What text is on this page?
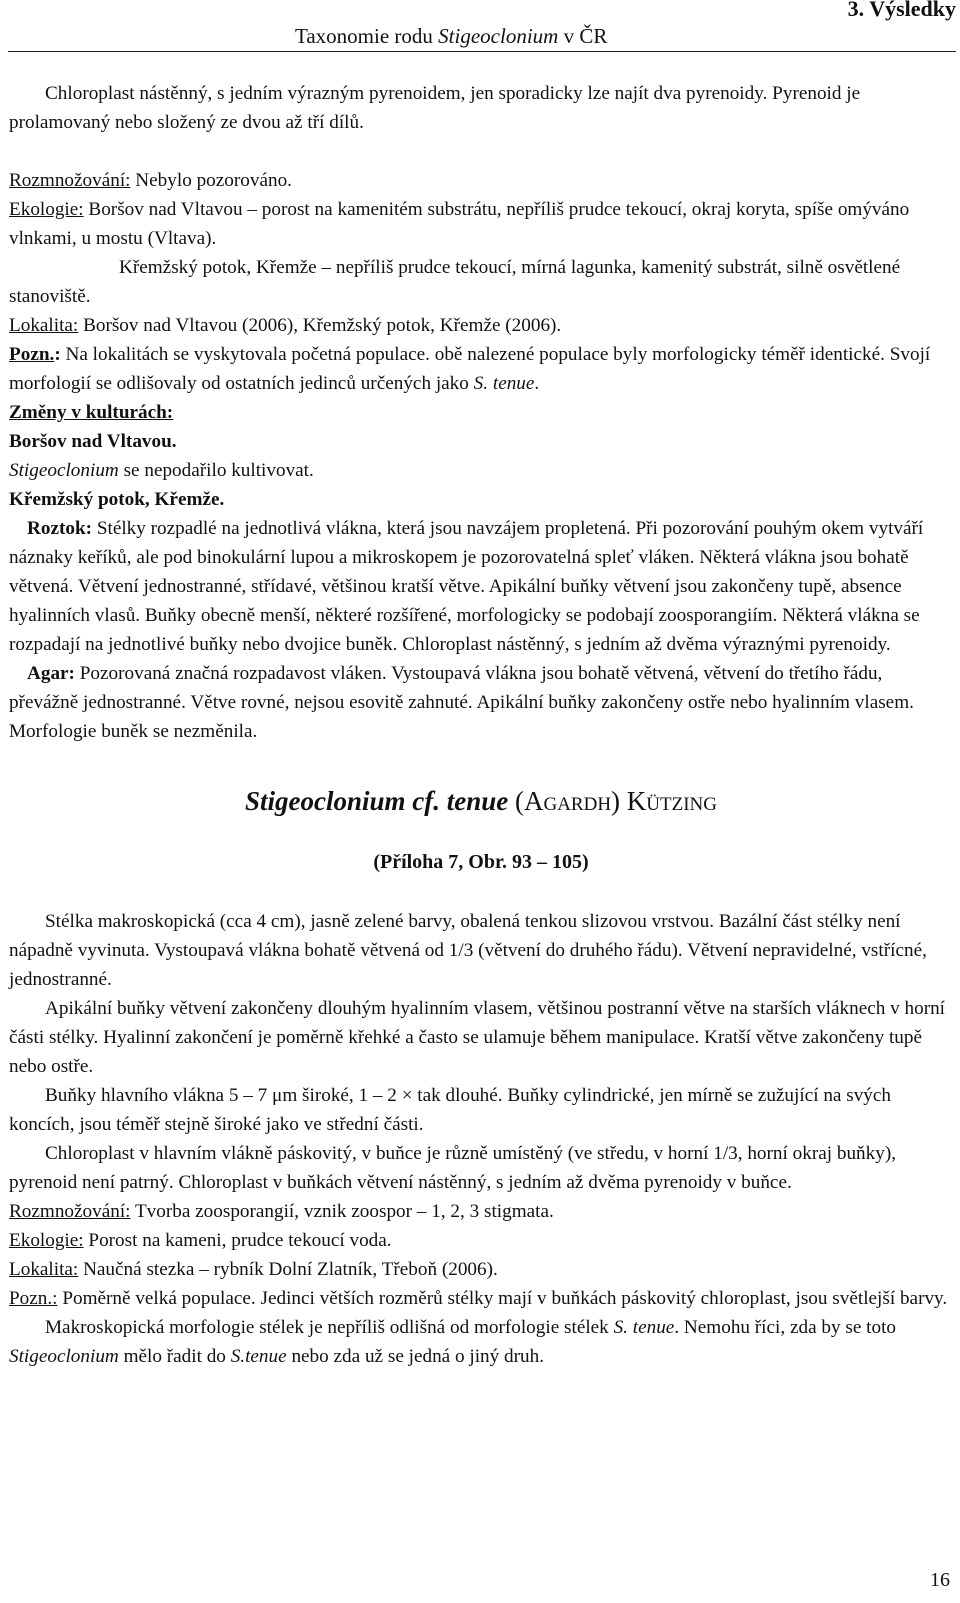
Taxonomie rodu Stigeoclonium v ČR
3. Výsledky

Chloroplast nástěnný, s jedním výrazným pyrenoidem, jen sporadicky lze najít dva pyrenoidy. Pyrenoid je prolamovaný nebo složený ze dvou až tří dílů.

Rozmnožování: Nebylo pozorováno.

Ekologie: Boršov nad Vltavou – porost na kamenitém substrátu, nepříliš prudce tekoucí, okraj koryta, spíše omýváno vlnkami, u mostu (Vltava).

Křemžský potok, Křemže – nepříliš prudce tekoucí, mírná lagunka, kamenitý substrát, silně osvětlené stanoviště.

Lokalita: Boršov nad Vltavou (2006), Křemžský potok, Křemže (2006).

Pozn.: Na lokalitách se vyskytovala početná populace. obě nalezené populace byly morfologicky téměř identické. Svojí morfologií se odlišovaly od ostatních jedinců určených jako S. tenue.

Změny v kulturách:

Boršov nad Vltavou.

Stigeoclonium se nepodařilo kultivovat.

Křemžský potok, Křemže.

Roztok: Stélky rozpadlé na jednotlivá vlákna, která jsou navzájem propletená. Při pozorování pouhým okem vytváří náznaky keříků, ale pod binokulární lupou a mikroskopem je pozorovatelná spleť vláken. Některá vlákna jsou bohatě větvená. Větvení jednostranné, střídavé, většinou kratší větve. Apikální buňky větvení jsou zakončeny tupě, absence hyalinních vlasů. Buňky obecně menší, některé rozšířené, morfologicky se podobají zoosporangiím. Některá vlákna se rozpadají na jednotlivé buňky nebo dvojice buněk. Chloroplast nástěnný, s jedním až dvěma výraznými pyrenoidy.

Agar: Pozorovaná značná rozpadavost vláken. Vystoupavá vlákna jsou bohatě větvená, větvení do třetího řádu, převážně jednostranné. Větve rovné, nejsou esovitě zahnuté. Apikální buňky zakončeny ostře nebo hyalinním vlasem. Morfologie buněk se nezměnila.

Stigeoclonium cf. tenue (Agardh) Kützing
(Příloha 7, Obr. 93 – 105)

Stélka makroskopická (cca 4 cm), jasně zelené barvy, obalená tenkou slizovou vrstvou. Bazální část stélky není nápadně vyvinuta. Vystoupavá vlákna bohatě větvená od 1/3 (větvení do druhého řádu). Větvení nepravidelné, vstřícné, jednostranné.

Apikální buňky větvení zakončeny dlouhým hyalinním vlasem, většinou postranní větve na starších vláknech v horní části stélky. Hyalinní zakončení je poměrně křehké a často se ulamuje během manipulace. Kratší větve zakončeny tupě nebo ostře.

Buňky hlavního vlákna 5 – 7 μm široké, 1 – 2 × tak dlouhé. Buňky cylindrické, jen mírně se zužující na svých koncích, jsou téměř stejně široké jako ve střední části.

Chloroplast v hlavním vlákně páskovitý, v buňce je různě umístěný (ve středu, v horní 1/3, horní okraj buňky), pyrenoid není patrný. Chloroplast v buňkách větvení nástěnný, s jedním až dvěma pyrenoidy v buňce.

Rozmnožování: Tvorba zoosporangií, vznik zoospor – 1, 2, 3 stigmata.

Ekologie: Porost na kameni, prudce tekoucí voda.

Lokalita: Naučná stezka – rybník Dolní Zlatník, Třeboň (2006).

Pozn.: Poměrně velká populace. Jedinci větších rozměrů stélky mají v buňkách páskovitý chloroplast, jsou světlejší barvy.

Makroskopická morfologie stélek je nepříliš odlišná od morfologie stélek S. tenue. Nemohu říci, zda by se toto Stigeoclonium mělo řadit do S.tenue nebo zda už se jedná o jiný druh.

16
